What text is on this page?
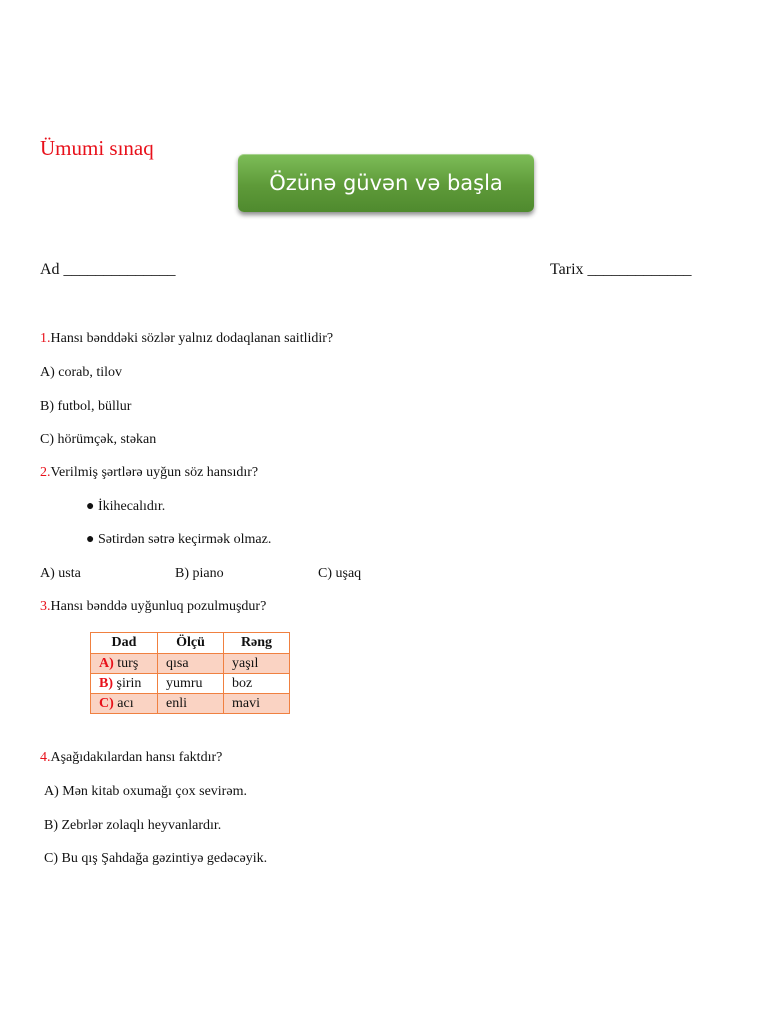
Ümumi sınaq
Özünə güvən və başla
Ad ______________	Tarix _____________
1.Hansı bənddəki sözlər yalnız dodaqlanan saitlidir?
A) corab, tilov
B) futbol, büllur
C) hörümçək, stəkan
2.Verilmiş şərtlərə uyğun söz hansıdır?
● İkihecalıdır.
● Sətirdən sətrə keçirmək olmaz.
A) usta	B) piano	C) uşaq
3.Hansı bənddə uyğunluq pozulmuşdur?
Dad	Ölçü	Rəng
A) turş	qısa	yaşıl
B) şirin	yumru	boz
C) acı	enli	mavi
4.Aşağıdakılardan hansı faktdır?
A) Mən kitab oxumağı çox sevirəm.
B) Zebrlər zolaqlı heyvanlardır.
C) Bu qış Şahdağa gəzintiyə gedəcəyik.
